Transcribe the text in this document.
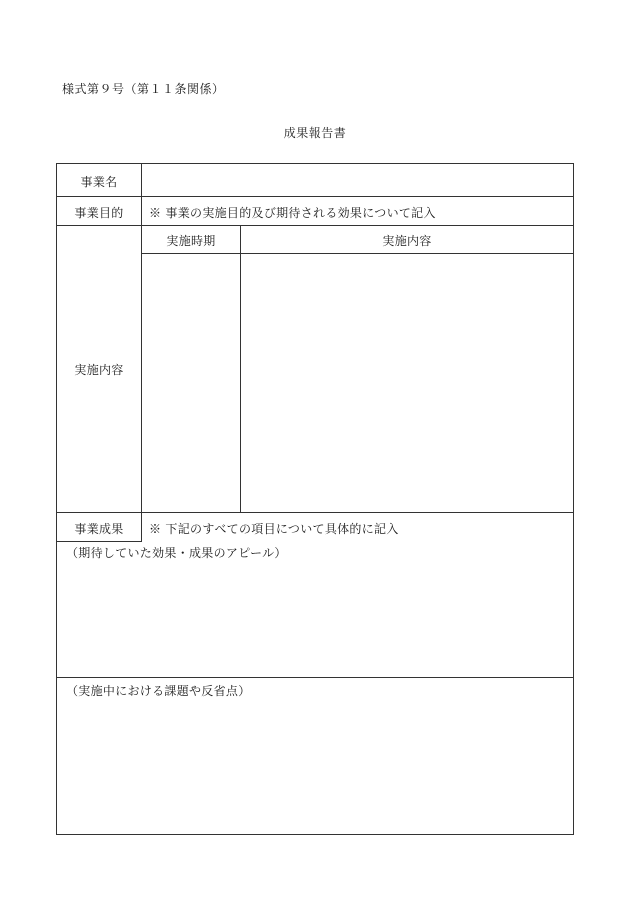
様式第９号（第１１条関係）
成果報告書
事業名
事業目的	※ 事業の実施目的及び期待される効果について記入
実施内容
実施時期	実施内容
事業成果	※ 下記のすべての項目について具体的に記入
（期待していた効果・成果のアピール）
（実施中における課題や反省点）
